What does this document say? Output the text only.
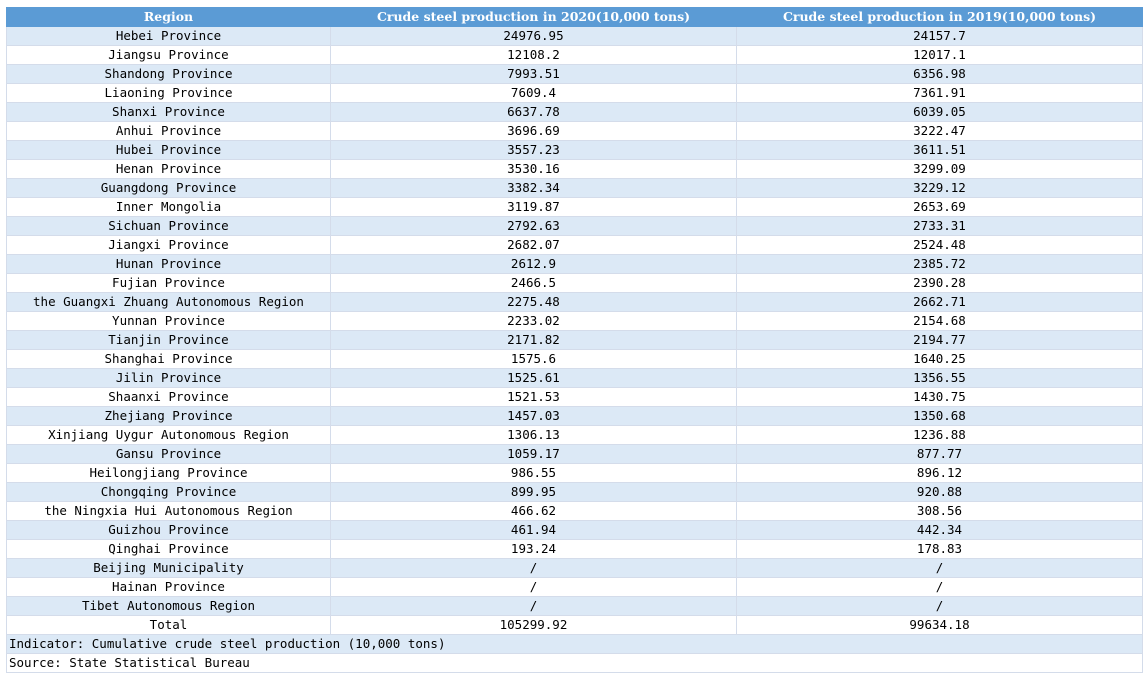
Region	Crude steel production in 2020(10,000 tons)	Crude steel production in 2019(10,000 tons)
Hebei Province	24976.95	24157.7
Jiangsu Province	12108.2	12017.1
Shandong Province	7993.51	6356.98
Liaoning Province	7609.4	7361.91
Shanxi Province	6637.78	6039.05
Anhui Province	3696.69	3222.47
Hubei Province	3557.23	3611.51
Henan Province	3530.16	3299.09
Guangdong Province	3382.34	3229.12
Inner Mongolia	3119.87	2653.69
Sichuan Province	2792.63	2733.31
Jiangxi Province	2682.07	2524.48
Hunan Province	2612.9	2385.72
Fujian Province	2466.5	2390.28
the Guangxi Zhuang Autonomous Region	2275.48	2662.71
Yunnan Province	2233.02	2154.68
Tianjin Province	2171.82	2194.77
Shanghai Province	1575.6	1640.25
Jilin Province	1525.61	1356.55
Shaanxi Province	1521.53	1430.75
Zhejiang Province	1457.03	1350.68
Xinjiang Uygur Autonomous Region	1306.13	1236.88
Gansu Province	1059.17	877.77
Heilongjiang Province	986.55	896.12
Chongqing Province	899.95	920.88
the Ningxia Hui Autonomous Region	466.62	308.56
Guizhou Province	461.94	442.34
Qinghai Province	193.24	178.83
Beijing Municipality	/	/
Hainan Province	/	/
Tibet Autonomous Region	/	/
Total	105299.92	99634.18
Indicator: Cumulative crude steel production (10,000 tons)		
Source: State Statistical Bureau		
